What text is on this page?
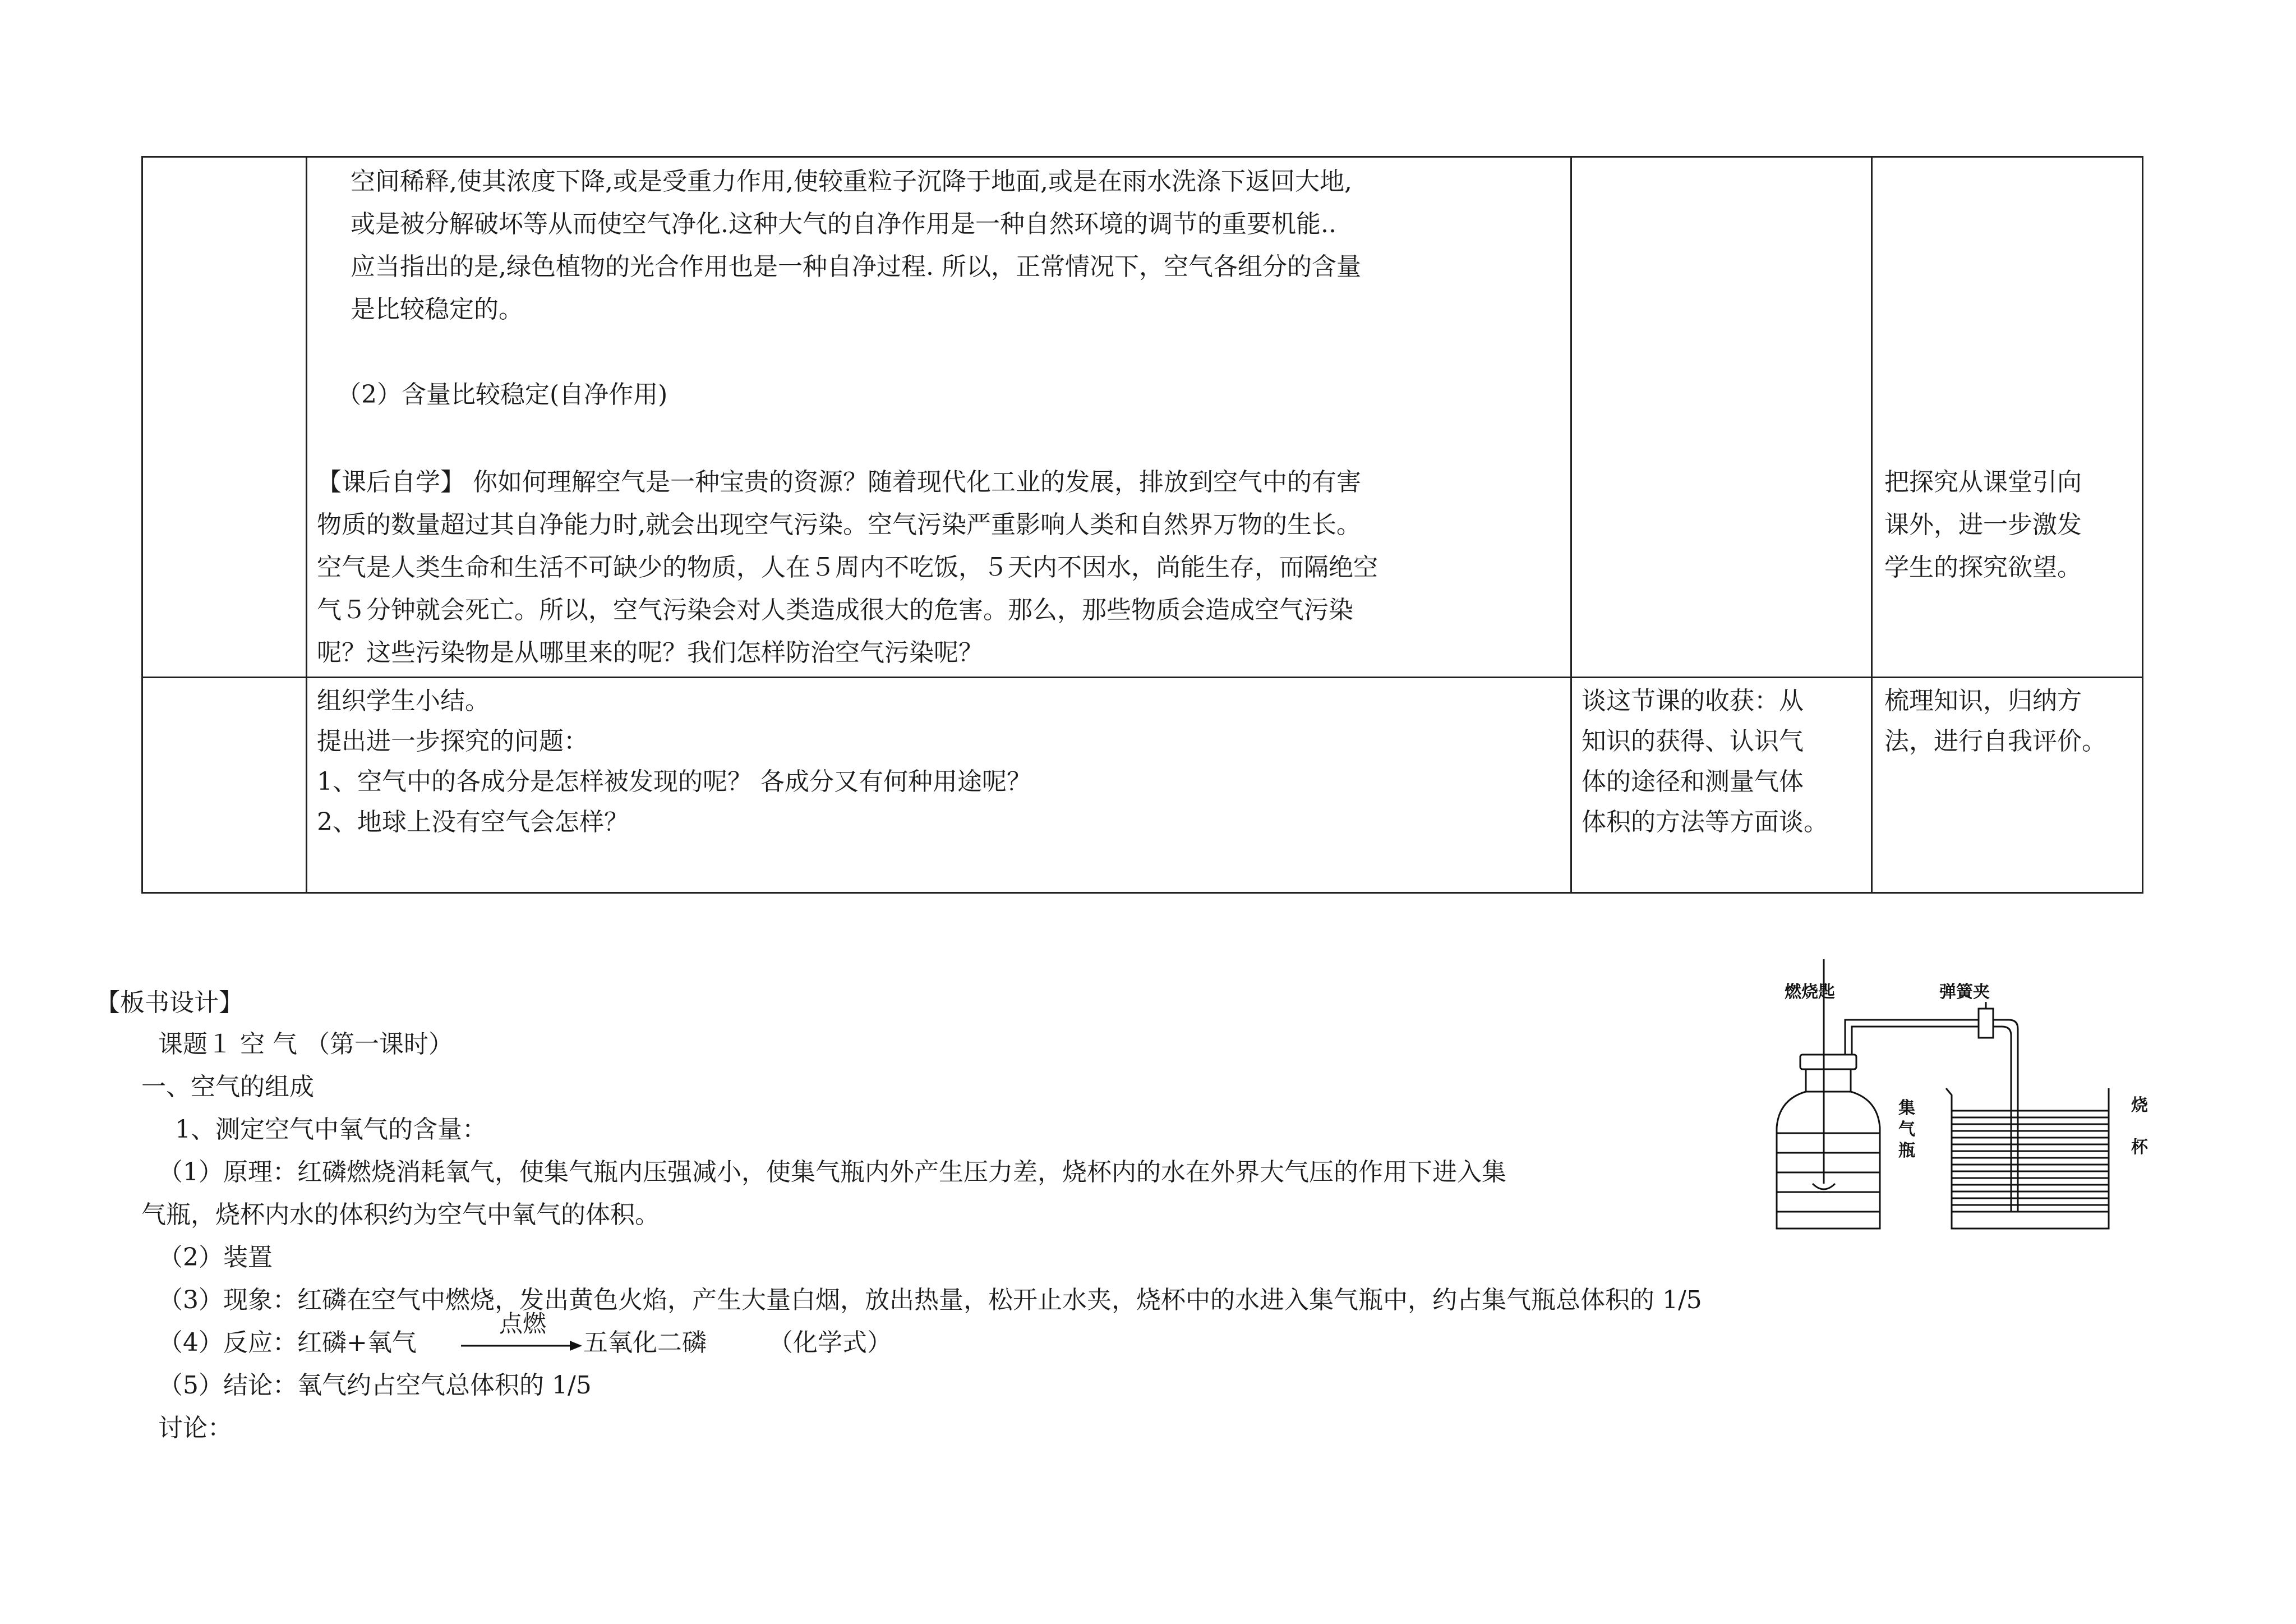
空间稀释,使其浓度下降,或是受重力作用,使较重粒子沉降于地面,或是在雨水洗涤下返回大地,
或是被分解破坏等从而使空气净化.这种大气的自净作用是一种自然环境的调节的重要机能..
应当指出的是,绿色植物的光合作用也是一种自净过程. 所以，正常情况下，空气各组分的含量
是比较稳定的。
（2）含量比较稳定(自净作用)
【课后自学】 你如何理解空气是一种宝贵的资源？随着现代化工业的发展，排放到空气中的有害
物质的数量超过其自净能力时,就会出现空气污染。空气污染严重影响人类和自然界万物的生长。
空气是人类生命和生活不可缺少的物质，人在５周内不吃饭，５天内不因水，尚能生存，而隔绝空
气５分钟就会死亡。所以，空气污染会对人类造成很大的危害。那么，那些物质会造成空气污染
呢？这些污染物是从哪里来的呢？我们怎样防治空气污染呢？
把探究从课堂引向
课外，进一步激发
学生的探究欲望。
组织学生小结。
提出进一步探究的问题：
1、空气中的各成分是怎样被发现的呢？ 各成分又有何种用途呢？
2、地球上没有空气会怎样？
谈这节课的收获：从
知识的获得、认识气
体的途径和测量气体
体积的方法等方面谈。
梳理知识，归纳方
法，进行自我评价。
【板书设计】
课题１ 空 气 （第一课时）
一、空气的组成
1、测定空气中氧气的含量：
（1）原理：红磷燃烧消耗氧气，使集气瓶内压强减小，使集气瓶内外产生压力差，烧杯内的水在外界大气压的作用下进入集
气瓶，烧杯内水的体积约为空气中氧气的体积。
（2）装置
（3）现象：红磷在空气中燃烧，发出黄色火焰，产生大量白烟，放出热量，松开止水夹，烧杯中的水进入集气瓶中，约占集气瓶总体积的 1/5
（4）反应：红磷+氧气
点燃
五氧化二磷	（化学式）
（5）结论：氧气约占空气总体积的 1/5
讨论：
燃烧匙	弹簧夹
集
气
瓶
烧
杯
